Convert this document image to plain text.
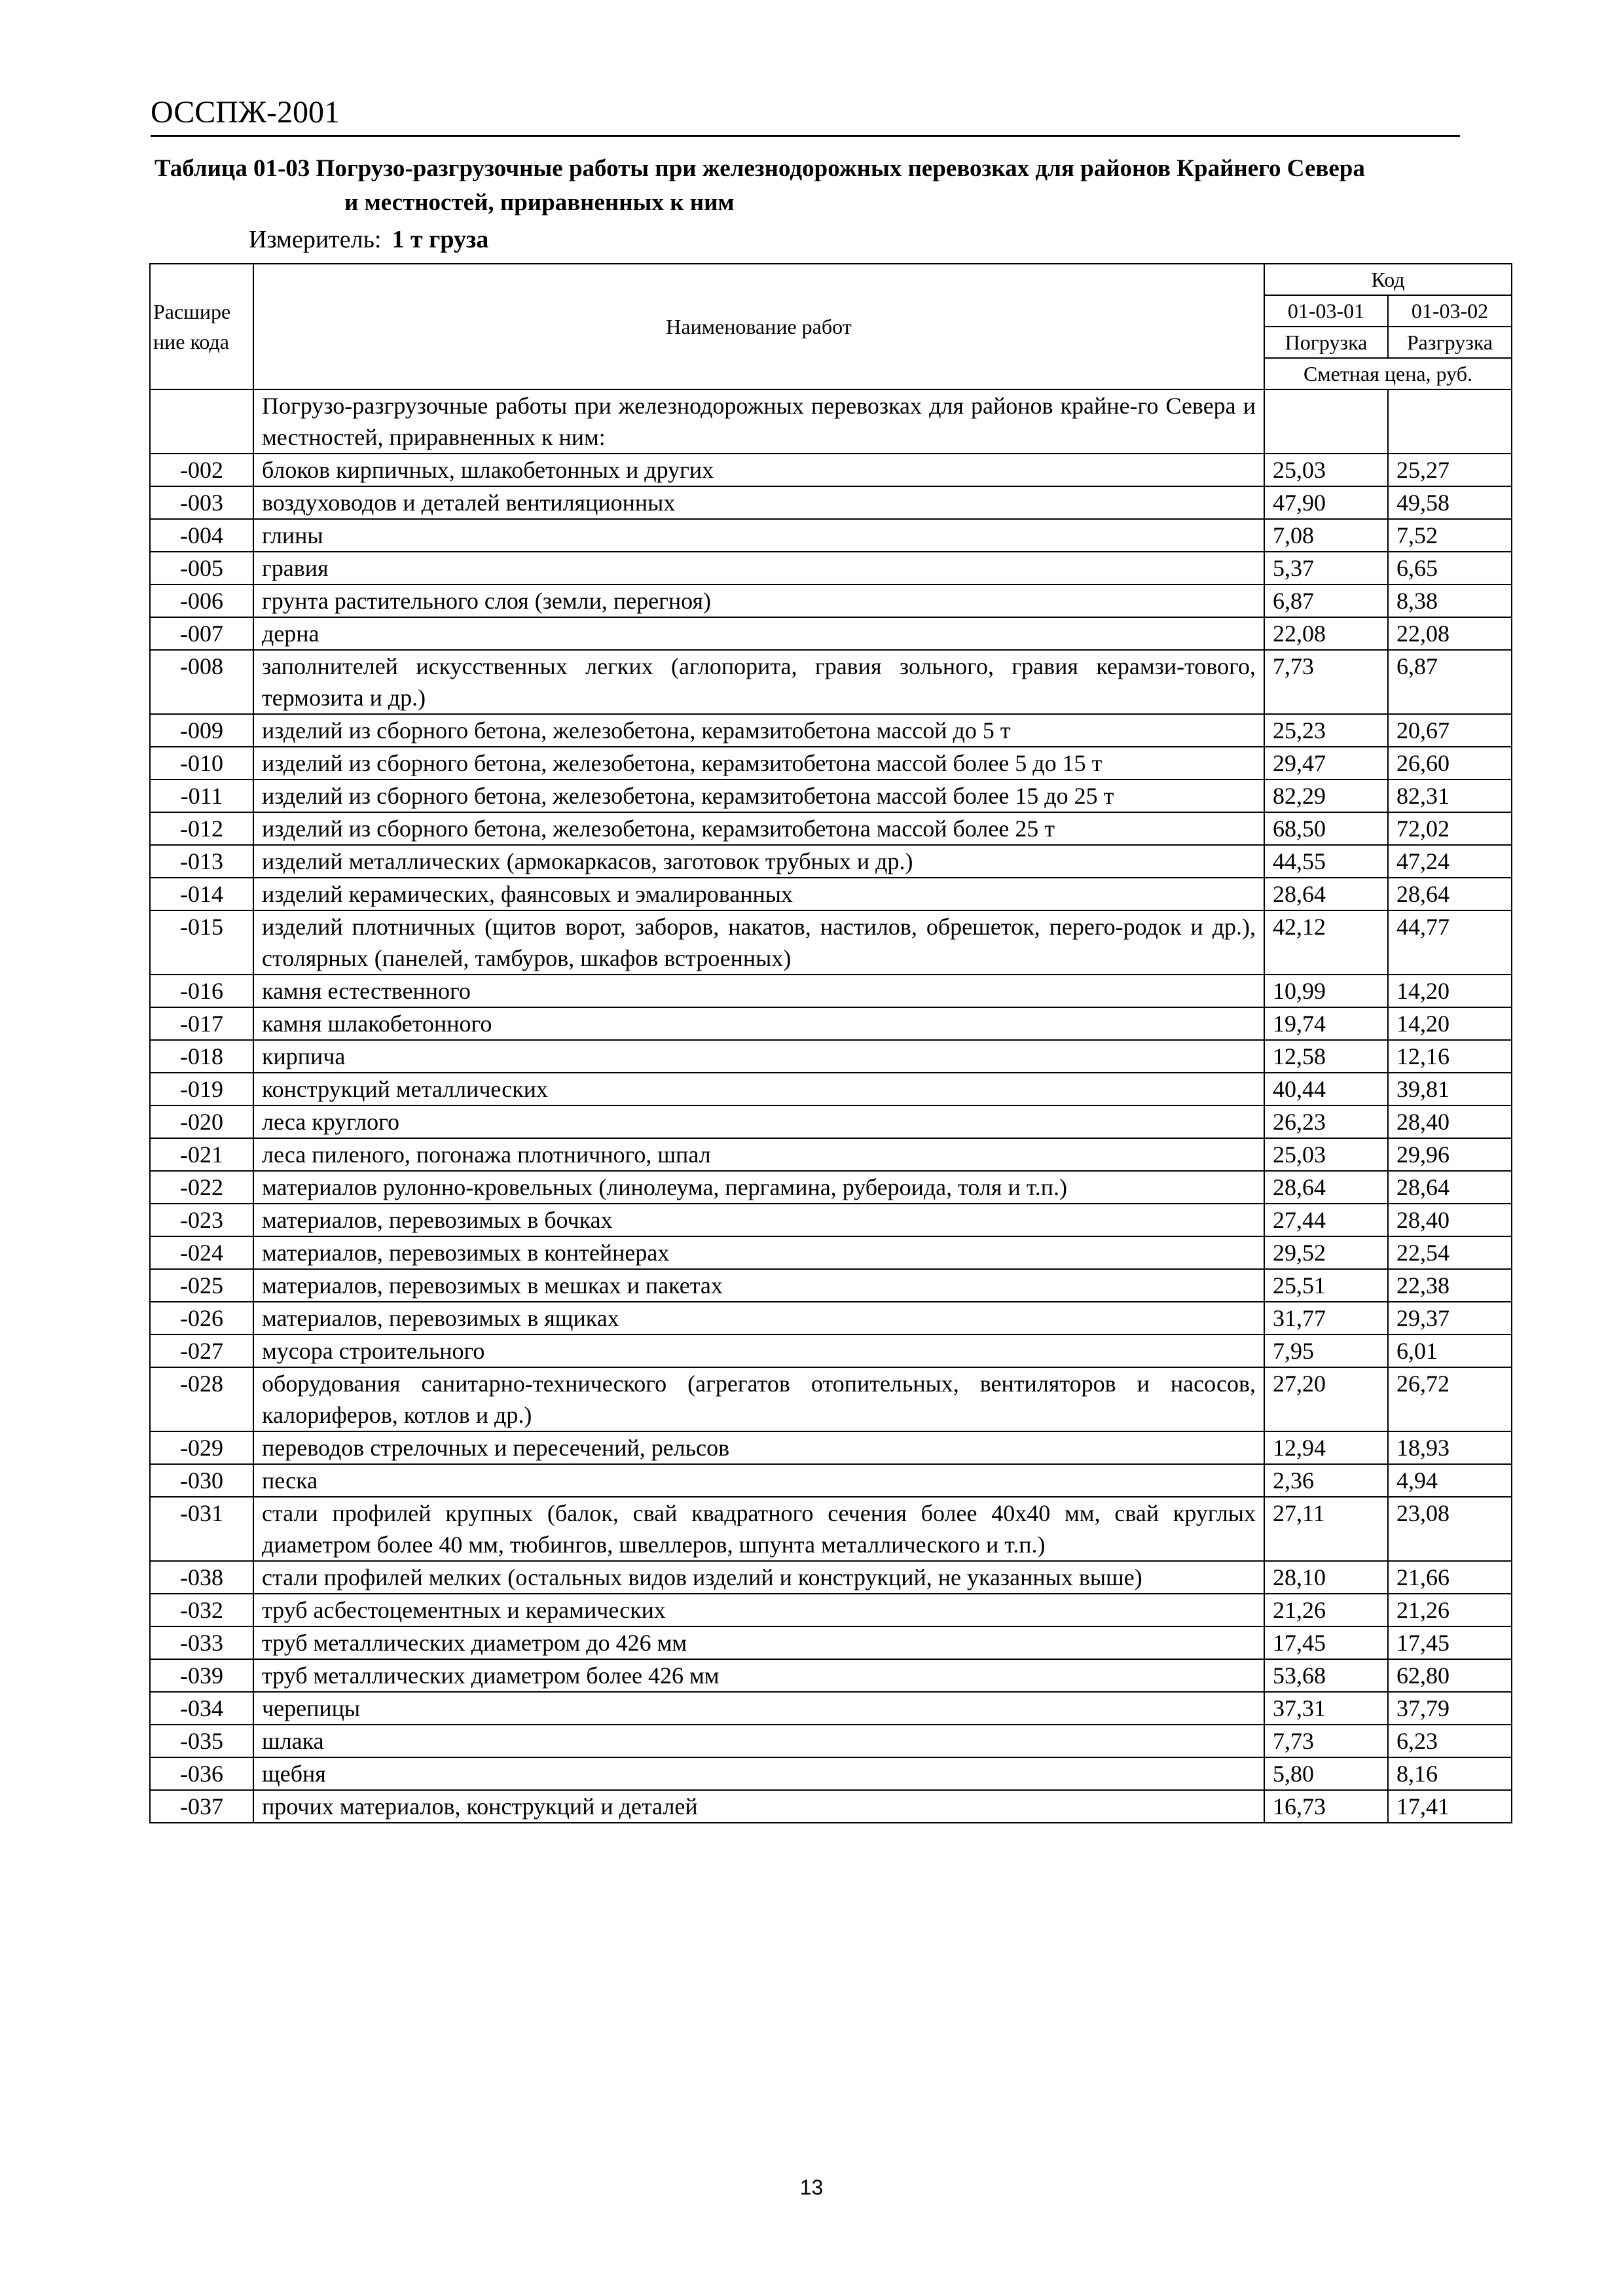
ОССПЖ-2001
Таблица 01-03 Погрузо-разгрузочные работы при железнодорожных перевозках для районов Крайнего Севера
и местностей, приравненных к ним
Измеритель: 1 т груза
Расшире ние кода	Наименование работ	Код	
		01-03-01	01-03-02
		Погрузка	Разгрузка
		Сметная цена, руб.	
	Погрузо-разгрузочные работы при железнодорожных перевозках для районов крайне-го Севера и местностей, приравненных к ним:		
-002	блоков кирпичных, шлакобетонных и других	25,03	25,27
-003	воздуховодов и деталей вентиляционных	47,90	49,58
-004	глины	7,08	7,52
-005	гравия	5,37	6,65
-006	грунта растительного слоя (земли, перегноя)	6,87	8,38
-007	дерна	22,08	22,08
-008	заполнителей искусственных легких (аглопорита, гравия зольного, гравия керамзи-тового, термозита и др.)	7,73	6,87
-009	изделий из сборного бетона, железобетона, керамзитобетона массой до 5 т	25,23	20,67
-010	изделий из сборного бетона, железобетона, керамзитобетона массой более 5 до 15 т	29,47	26,60
-011	изделий из сборного бетона, железобетона, керамзитобетона массой более 15 до 25 т	82,29	82,31
-012	изделий из сборного бетона, железобетона, керамзитобетона массой более 25 т	68,50	72,02
-013	изделий металлических (армокаркасов, заготовок трубных и др.)	44,55	47,24
-014	изделий керамических, фаянсовых и эмалированных	28,64	28,64
-015	изделий плотничных (щитов ворот, заборов, накатов, настилов, обрешеток, перего-родок и др.), столярных (панелей, тамбуров, шкафов встроенных)	42,12	44,77
-016	камня естественного	10,99	14,20
-017	камня шлакобетонного	19,74	14,20
-018	кирпича	12,58	12,16
-019	конструкций металлических	40,44	39,81
-020	леса круглого	26,23	28,40
-021	леса пиленого, погонажа плотничного, шпал	25,03	29,96
-022	материалов рулонно-кровельных (линолеума, пергамина, рубероида, толя и т.п.)	28,64	28,64
-023	материалов, перевозимых в бочках	27,44	28,40
-024	материалов, перевозимых в контейнерах	29,52	22,54
-025	материалов, перевозимых в мешках и пакетах	25,51	22,38
-026	материалов, перевозимых в ящиках	31,77	29,37
-027	мусора строительного	7,95	6,01
-028	оборудования санитарно-технического (агрегатов отопительных, вентиляторов и насосов, калориферов, котлов и др.)	27,20	26,72
-029	переводов стрелочных и пересечений, рельсов	12,94	18,93
-030	песка	2,36	4,94
-031	стали профилей крупных (балок, свай квадратного сечения более 40х40 мм, свай круглых диаметром более 40 мм, тюбингов, швеллеров, шпунта металлического и т.п.)	27,11	23,08
-038	стали профилей мелких (остальных видов изделий и конструкций, не указанных выше)	28,10	21,66
-032	труб асбестоцементных и керамических	21,26	21,26
-033	труб металлических диаметром до 426 мм	17,45	17,45
-039	труб металлических диаметром более 426 мм	53,68	62,80
-034	черепицы	37,31	37,79
-035	шлака	7,73	6,23
-036	щебня	5,80	8,16
-037	прочих материалов, конструкций и деталей	16,73	17,41
13
